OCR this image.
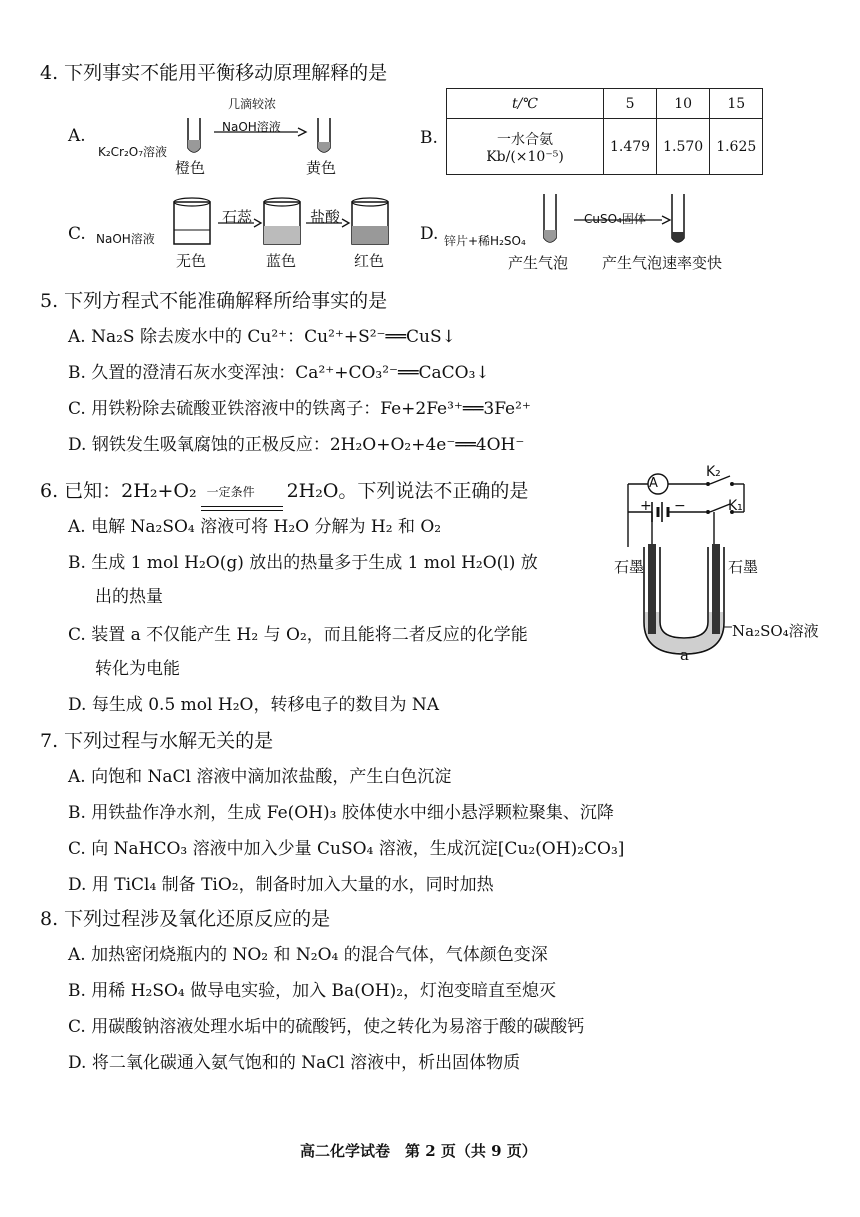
4. 下列事实不能用平衡移动原理解释的是
A.
K₂Cr₂O₇溶液
几滴较浓
NaOH溶液
橙色	黄色
B.
t/℃	5	10	15

一水合氨
Kb/(×10⁻⁵)	1.479	1.570	1.625
C. NaOH溶液
石蕊	盐酸
无色	蓝色	红色
D. 锌片+稀H₂SO₄
CuSO₄固体
产生气泡 产生气泡速率变快
5. 下列方程式不能准确解释所给事实的是
A. Na₂S 除去废水中的 Cu²⁺：Cu²⁺+S²⁻══CuS↓
B. 久置的澄清石灰水变浑浊：Ca²⁺+CO₃²⁻══CaCO₃↓
C. 用铁粉除去硫酸亚铁溶液中的铁离子：Fe+2Fe³⁺══3Fe²⁺
D. 钢铁发生吸氧腐蚀的正极反应：2H₂O+O₂+4e⁻══4OH⁻
6. 已知：2H₂+O₂ 一定条件 2H₂O。下列说法不正确的是
A. 电解 Na₂SO₄ 溶液可将 H₂O 分解为 H₂ 和 O₂
B. 生成 1 mol H₂O(g) 放出的热量多于生成 1 mol H₂O(l) 放
出的热量
C. 装置 a 不仅能产生 H₂ 与 O₂，而且能将二者反应的化学能
转化为电能
D. 每生成 0.5 mol H₂O，转移电子的数目为 NA
A
K₂
K₁
+ −
石墨	石墨
Na₂SO₄溶液
a
7. 下列过程与水解无关的是
A. 向饱和 NaCl 溶液中滴加浓盐酸，产生白色沉淀
B. 用铁盐作净水剂，生成 Fe(OH)₃ 胶体使水中细小悬浮颗粒聚集、沉降
C. 向 NaHCO₃ 溶液中加入少量 CuSO₄ 溶液，生成沉淀[Cu₂(OH)₂CO₃]
D. 用 TiCl₄ 制备 TiO₂，制备时加入大量的水，同时加热
8. 下列过程涉及氧化还原反应的是
A. 加热密闭烧瓶内的 NO₂ 和 N₂O₄ 的混合气体，气体颜色变深
B. 用稀 H₂SO₄ 做导电实验，加入 Ba(OH)₂，灯泡变暗直至熄灭
C. 用碳酸钠溶液处理水垢中的硫酸钙，使之转化为易溶于酸的碳酸钙
D. 将二氧化碳通入氨气饱和的 NaCl 溶液中，析出固体物质
高二化学试卷　第 2 页（共 9 页）
